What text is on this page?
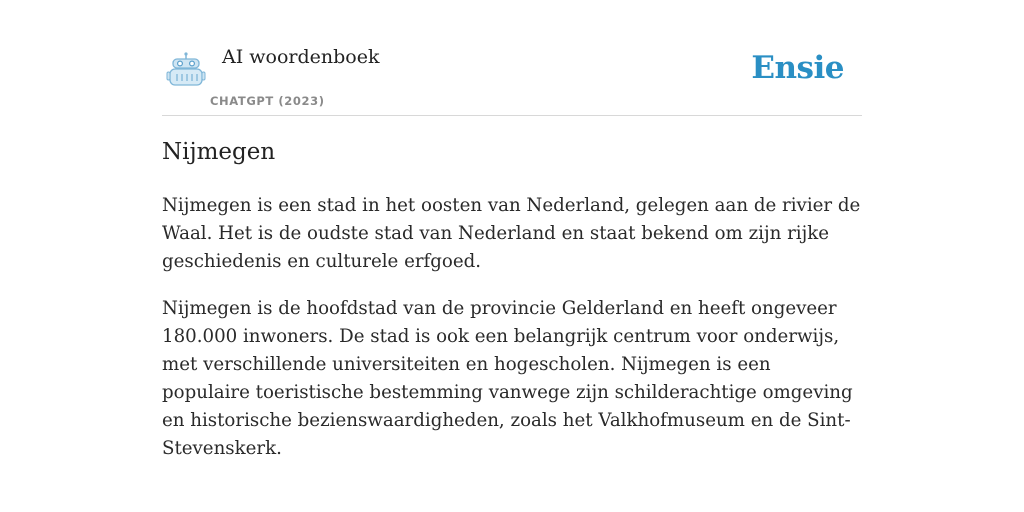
AI woordenboek
CHATGPT (2023)
Ensie
Nijmegen

Nijmegen is een stad in het oosten van Nederland, gelegen aan de rivier de Waal. Het is de oudste stad van Nederland en staat bekend om zijn rijke geschiedenis en culturele erfgoed.

Nijmegen is de hoofdstad van de provincie Gelderland en heeft ongeveer 180.000 inwoners. De stad is ook een belangrijk centrum voor onderwijs, met verschillende universiteiten en hogescholen. Nijmegen is een populaire toeristische bestemming vanwege zijn schilderachtige omgeving en historische bezienswaardigheden, zoals het Valkhofmuseum en de Sint-Stevenskerk.
